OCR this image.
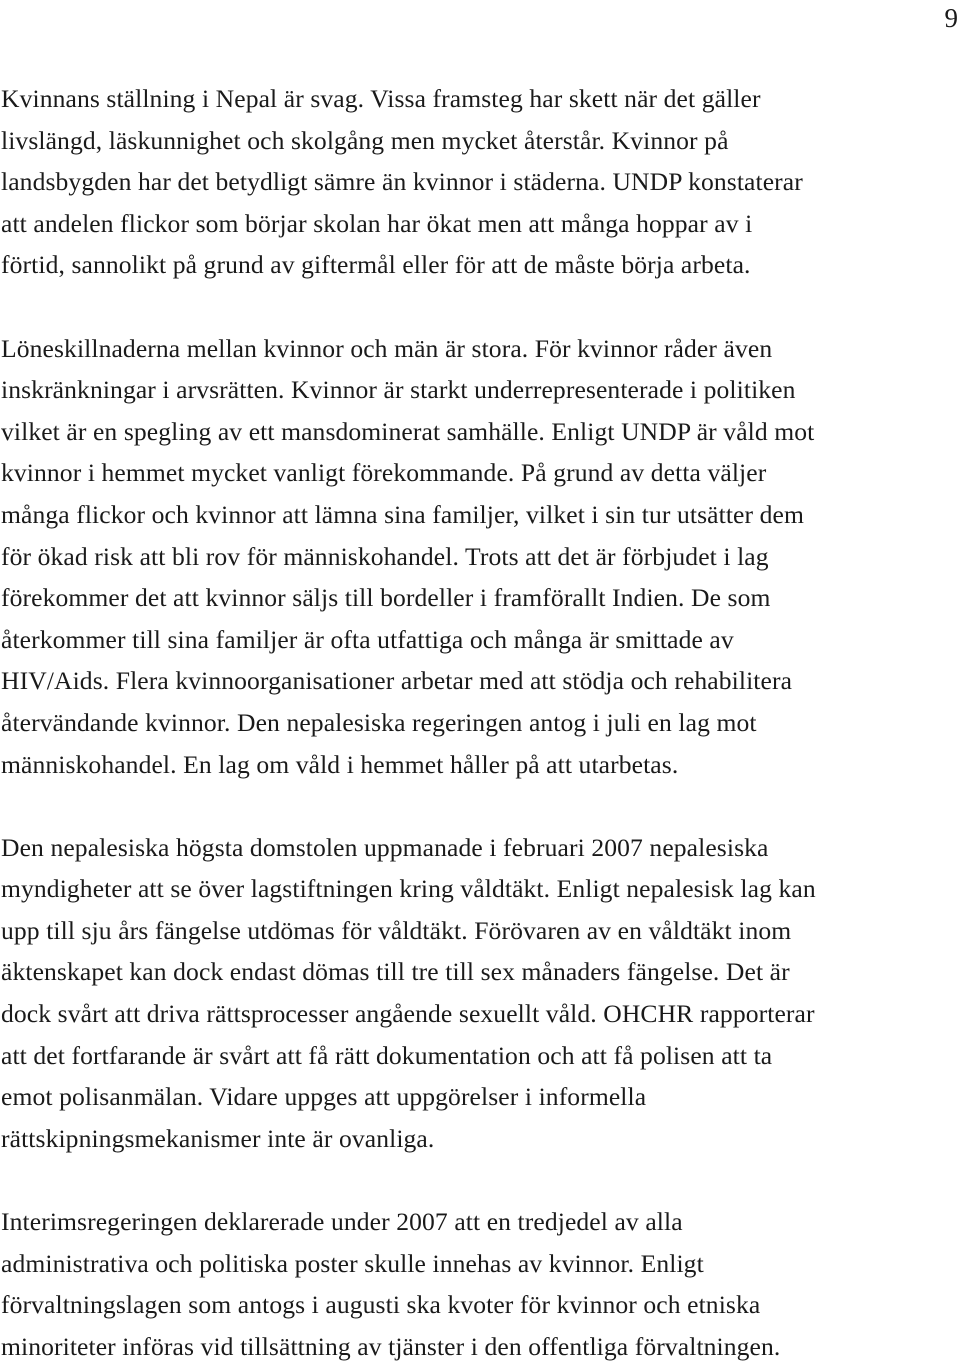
9

Kvinnans ställning i Nepal är svag. Vissa framsteg har skett när det gäller
livslängd, läskunnighet och skolgång men mycket återstår. Kvinnor på
landsbygden har det betydligt sämre än kvinnor i städerna. UNDP konstaterar
att andelen flickor som börjar skolan har ökat men att många hoppar av i
förtid, sannolikt på grund av giftermål eller för att de måste börja arbeta.

Löneskillnaderna mellan kvinnor och män är stora. För kvinnor råder även
inskränkningar i arvsrätten. Kvinnor är starkt underrepresenterade i politiken
vilket är en spegling av ett mansdominerat samhälle. Enligt UNDP är våld mot
kvinnor i hemmet mycket vanligt förekommande. På grund av detta väljer
många flickor och kvinnor att lämna sina familjer, vilket i sin tur utsätter dem
för ökad risk att bli rov för människohandel. Trots att det är förbjudet i lag
förekommer det att kvinnor säljs till bordeller i framförallt Indien. De som
återkommer till sina familjer är ofta utfattiga och många är smittade av
HIV/Aids. Flera kvinnoorganisationer arbetar med att stödja och rehabilitera
återvändande kvinnor. Den nepalesiska regeringen antog i juli en lag mot
människohandel. En lag om våld i hemmet håller på att utarbetas.

Den nepalesiska högsta domstolen uppmanade i februari 2007 nepalesiska
myndigheter att se över lagstiftningen kring våldtäkt. Enligt nepalesisk lag kan
upp till sju års fängelse utdömas för våldtäkt. Förövaren av en våldtäkt inom
äktenskapet kan dock endast dömas till tre till sex månaders fängelse. Det är
dock svårt att driva rättsprocesser angående sexuellt våld. OHCHR rapporterar
att det fortfarande är svårt att få rätt dokumentation och att få polisen att ta
emot polisanmälan. Vidare uppges att uppgörelser i informella
rättskipningsmekanismer inte är ovanliga.

Interimsregeringen deklarerade under 2007 att en tredjedel av alla
administrativa och politiska poster skulle innehas av kvinnor. Enligt
förvaltningslagen som antogs i augusti ska kvoter för kvinnor och etniska
minoriteter införas vid tillsättning av tjänster i den offentliga förvaltningen.
